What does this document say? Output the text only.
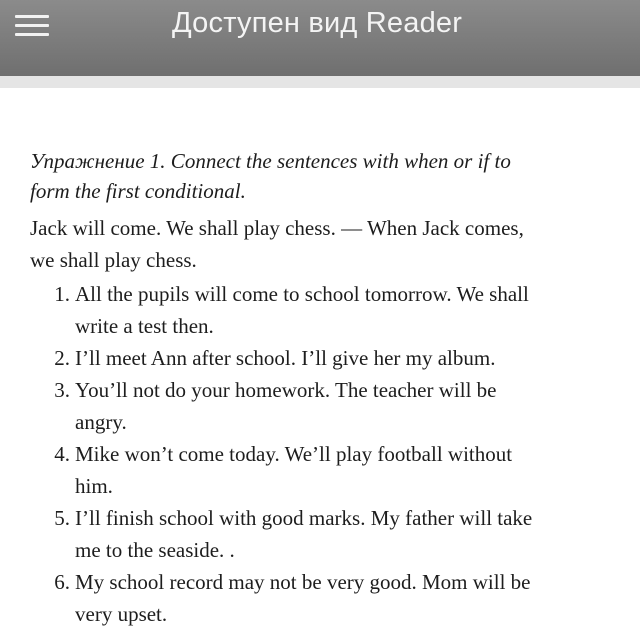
Доступен вид Reader

Упражнение 1. Connect the sentences with when or if to
form the first conditional.

Jack will come. We shall play chess. — When Jack comes,
we shall play chess.

1. All the pupils will come to school tomorrow. We shall
write a test then.
2. I’ll meet Ann after school. I’ll give her my album.
3. You’ll not do your homework. The teacher will be
angry.
4. Mike won’t come today. We’ll play football without
him.
5. I’ll finish school with good marks. My father will take
me to the seaside. .
6. My school record may not be very good. Mom will be
very upset.
